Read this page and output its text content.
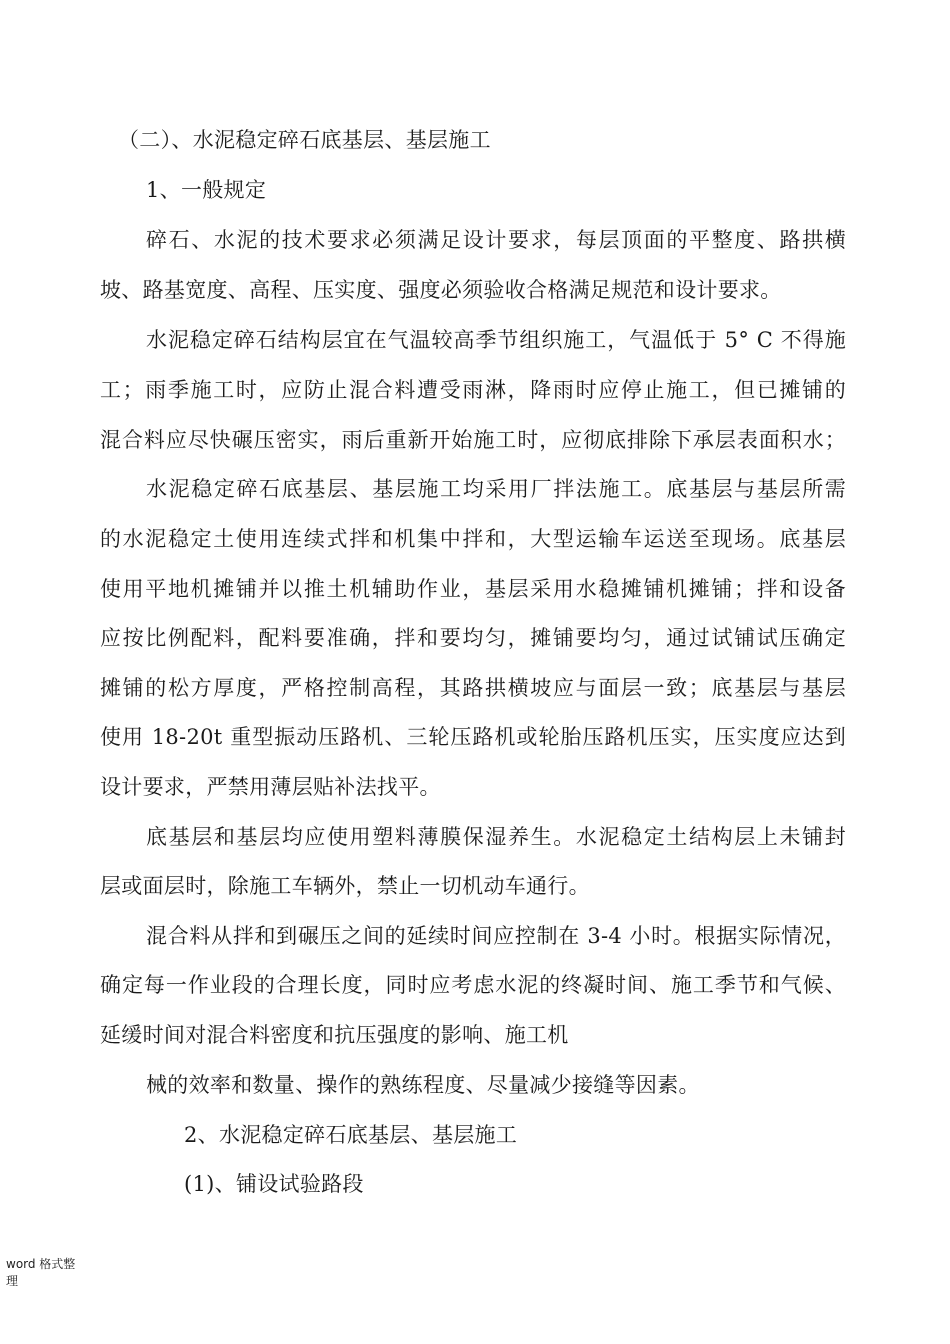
（二）、水泥稳定碎石底基层、基层施工
1、一般规定
碎石、水泥的技术要求必须满足设计要求，每层顶面的平整度、路拱横
坡、路基宽度、高程、压实度、强度必须验收合格满足规范和设计要求。
水泥稳定碎石结构层宜在气温较高季节组织施工，气温低于 5° C 不得施
工；雨季施工时，应防止混合料遭受雨淋，降雨时应停止施工，但已摊铺的
混合料应尽快碾压密实，雨后重新开始施工时，应彻底排除下承层表面积水；
水泥稳定碎石底基层、基层施工均采用厂拌法施工。底基层与基层所需
的水泥稳定土使用连续式拌和机集中拌和，大型运输车运送至现场。底基层
使用平地机摊铺并以推土机辅助作业，基层采用水稳摊铺机摊铺；拌和设备
应按比例配料，配料要准确，拌和要均匀，摊铺要均匀，通过试铺试压确定
摊铺的松方厚度，严格控制高程，其路拱横坡应与面层一致；底基层与基层
使用 18-20t 重型振动压路机、三轮压路机或轮胎压路机压实，压实度应达到
设计要求，严禁用薄层贴补法找平。
底基层和基层均应使用塑料薄膜保湿养生。水泥稳定土结构层上未铺封
层或面层时，除施工车辆外，禁止一切机动车通行。
混合料从拌和到碾压之间的延续时间应控制在 3-4 小时。根据实际情况，
确定每一作业段的合理长度，同时应考虑水泥的终凝时间、施工季节和气候、
延缓时间对混合料密度和抗压强度的影响、施工机
械的效率和数量、操作的熟练程度、尽量减少接缝等因素。
2、水泥稳定碎石底基层、基层施工
(1)、铺设试验路段
word 格式整
理
